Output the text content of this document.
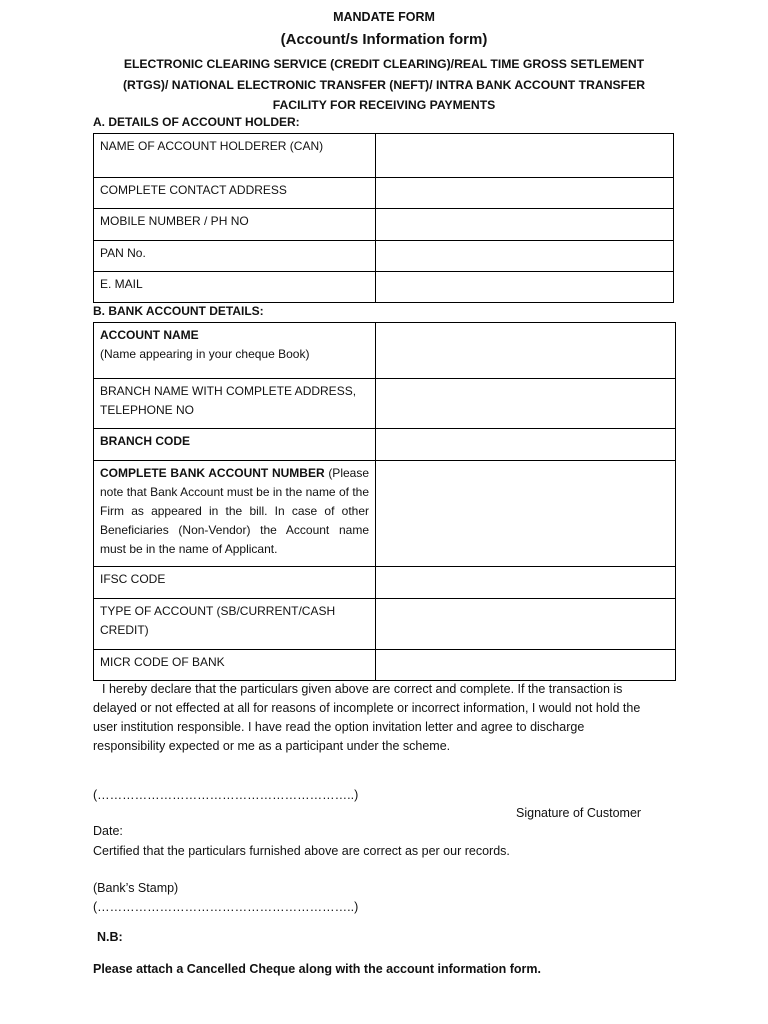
MANDATE FORM
(Account/s Information form)
ELECTRONIC CLEARING SERVICE (CREDIT CLEARING)/REAL TIME GROSS SETLEMENT
(RTGS)/ NATIONAL ELECTRONIC TRANSFER (NEFT)/ INTRA BANK ACCOUNT TRANSFER
FACILITY FOR RECEIVING PAYMENTS
A. DETAILS OF ACCOUNT HOLDER:
NAME OF ACCOUNT HOLDERER (CAN)	
COMPLETE CONTACT ADDRESS	
MOBILE NUMBER / PH NO	
PAN No.	
E. MAIL	
B. BANK ACCOUNT DETAILS:
ACCOUNT NAME
(Name appearing in your cheque Book)	
BRANCH NAME WITH COMPLETE ADDRESS,
TELEPHONE NO	
BRANCH CODE	
COMPLETE BANK ACCOUNT NUMBER (Please note that Bank Account must be in the name of the Firm as appeared in the bill. In case of other Beneficiaries (Non-Vendor) the Account name must be in the name of Applicant.	
IFSC CODE	
TYPE OF ACCOUNT (SB/CURRENT/CASH
CREDIT)	
MICR CODE OF BANK	
I hereby declare that the particulars given above are correct and complete. If the transaction is delayed or not effected at all for reasons of incomplete or incorrect information, I would not hold the user institution responsible. I have read the option invitation letter and agree to discharge responsibility expected or me as a participant under the scheme.
(……………………………………………………..)
Signature of Customer
Date:
Certified that the particulars furnished above are correct as per our records.
(Bank’s Stamp)
(……………………………………………………..)
N.B:
Please attach a Cancelled Cheque along with the account information form.
